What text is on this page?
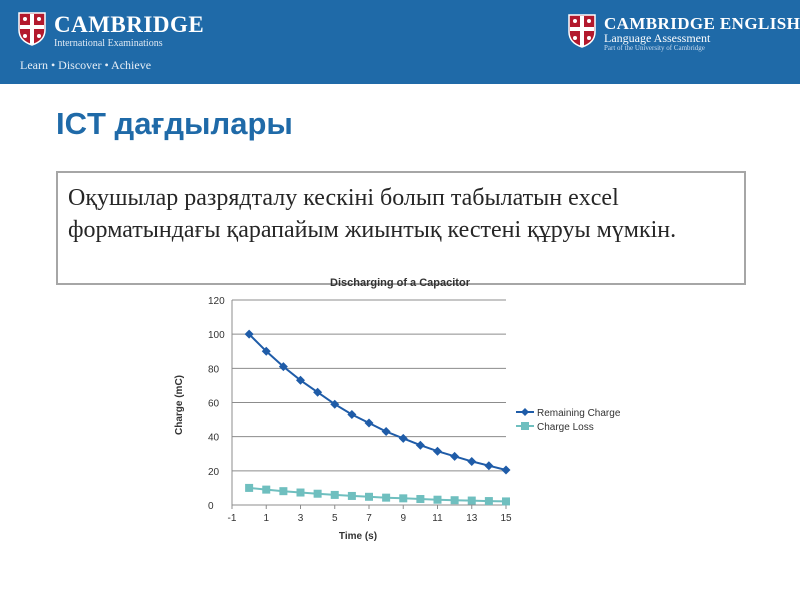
CAMBRIDGE
International Examinations
Learn • Discover • Achieve
CAMBRIDGE ENGLISH
Language Assessment
Part of the University of Cambridge
ICT дағдылары

Оқушылар разрядталу кескіні болып табылатын excel форматындағы қарапайым жиынтық кестені құруы мүмкін.

Discharging of a Capacitor
0
20
40
60
80
100
120
-1	1	3	5	7	9	11 13 15
Time (s)
Charge (mC)	Remaining Charge
Charge Loss
